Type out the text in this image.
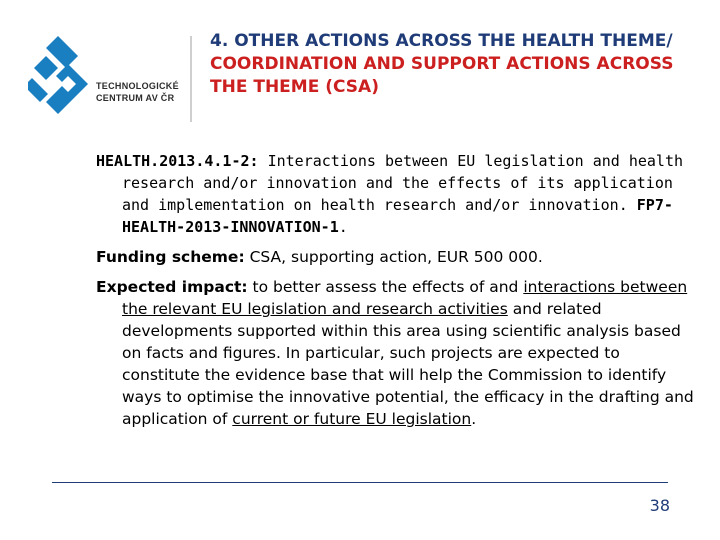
TECHNOLOGICKÉ
CENTRUM AV ČR
4. OTHER ACTIONS ACROSS THE HEALTH THEME/ COORDINATION AND SUPPORT ACTIONS ACROSS THE THEME (CSA)

HEALTH.2013.4.1-2: Interactions between EU legislation and health research and/or innovation and the effects of its application and implementation on health research and/or innovation. FP7-HEALTH-2013-INNOVATION-1.

Funding scheme: CSA, supporting action, EUR 500 000.

Expected impact: to better assess the effects of and interactions between the relevant EU legislation and research activities and related developments supported within this area using scientific analysis based on facts and figures. In particular, such projects are expected to constitute the evidence base that will help the Commission to identify ways to optimise the innovative potential, the efficacy in the drafting and application of current or future EU legislation.

38
